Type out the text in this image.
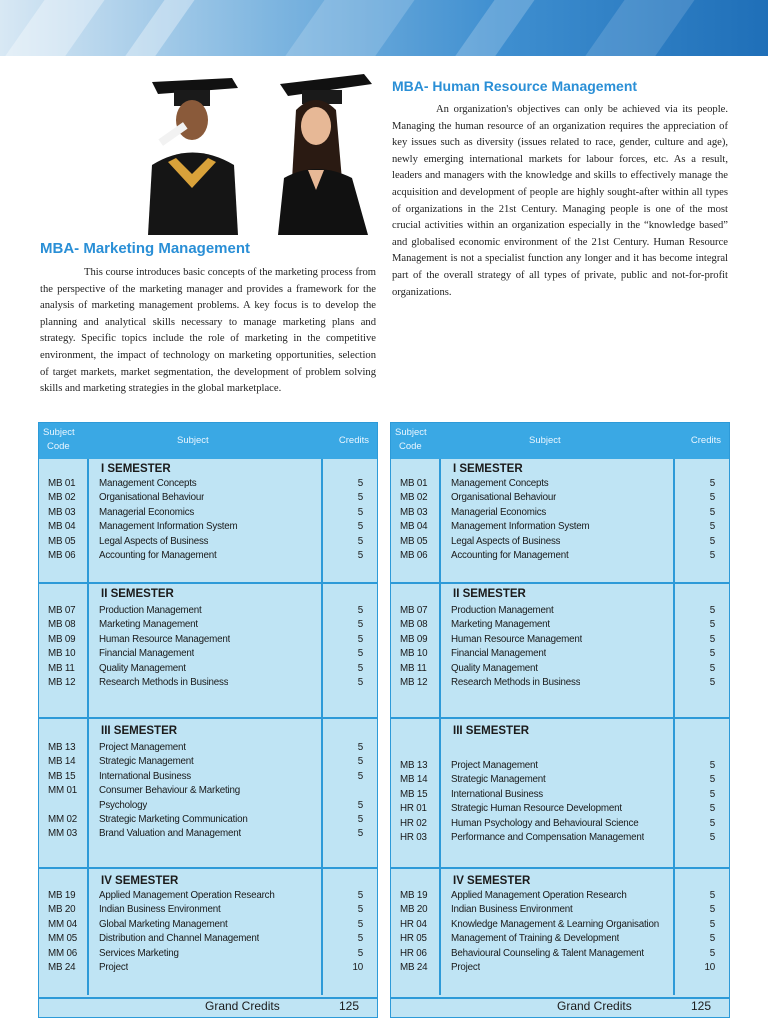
MBA- Marketing Management
This course introduces basic concepts of the marketing process from the perspective of the marketing manager and provides a framework for the analysis of marketing management problems. A key focus is to develop the planning and analytical skills necessary to manage marketing plans and strategy. Specific topics include the role of marketing in the competitive environment, the impact of technology on marketing opportunities, selection of target markets, market segmentation, the development of problem solving skills and marketing strategies in the global marketplace.
MBA- Human Resource Management
An organization's objectives can only be achieved via its people. Managing the human resource of an organization requires the appreciation of key issues such as diversity (issues related to race, gender, culture and age), newly emerging international markets for labour forces, etc. As a result, leaders and managers with the knowledge and skills to effectively manage the acquisition and development of people are highly sought-after within all types of organizations in the 21st Century. Managing people is one of the most crucial activities within an organization especially in the “knowledge based” and globalised economic environment of the 21st Century. Human Resource Management is not a specialist function any longer and it has become integral part of the overall strategy of all types of private, public and not-for-profit organizations.
Subject
Code
Subject	Credits
I SEMESTER
MB 01 Management Concepts	5
MB 02 Organisational Behaviour	5
MB 03 Managerial Economics	5
MB 04 Management Information System	5
MB 05 Legal Aspects of Business	5
MB 06 Accounting for Management	5
II SEMESTER
MB 07 Production Management	5
MB 08 Marketing Management	5
MB 09 Human Resource Management	5
MB 10 Financial Management	5
MB 11 Quality Management	5
MB 12 Research Methods in Business	5
III SEMESTER
MB 13 Project Management	5
MB 14 Strategic Management	5
MB 15 International Business	5
MM 01 Consumer Behaviour & Marketing
Psychology	5
MM 02 Strategic Marketing Communication	5
MM 03 Brand Valuation and Management	5
IV SEMESTER
MB 19 Applied Management Operation Research	5
MB 20 Indian Business Environment	5
MM 04 Global Marketing Management	5
MM 05 Distribution and Channel Management	5
MM 06 Services Marketing	5
MB 24 Project	10
Grand Credits	125
Subject
Code
Subject	Credits
I SEMESTER
MB 01 Management Concepts	5
MB 02 Organisational Behaviour	5
MB 03 Managerial Economics	5
MB 04 Management Information System	5
MB 05 Legal Aspects of Business	5
MB 06 Accounting for Management	5
II SEMESTER
MB 07 Production Management	5
MB 08 Marketing Management	5
MB 09 Human Resource Management	5
MB 10 Financial Management	5
MB 11 Quality Management	5
MB 12 Research Methods in Business	5
III SEMESTER
MB 13 Project Management	5
MB 14 Strategic Management	5
MB 15 International Business	5
HR 01 Strategic Human Resource Development	5
HR 02 Human Psychology and Behavioural Science	5
HR 03 Performance and Compensation Management	5
IV SEMESTER
MB 19 Applied Management Operation Research	5
MB 20 Indian Business Environment	5
HR 04 Knowledge Management & Learning Organisation	5
HR 05 Management of Training & Development	5
HR 06 Behavioural Counseling & Talent Management	5
MB 24 Project	10
Grand Credits	125
